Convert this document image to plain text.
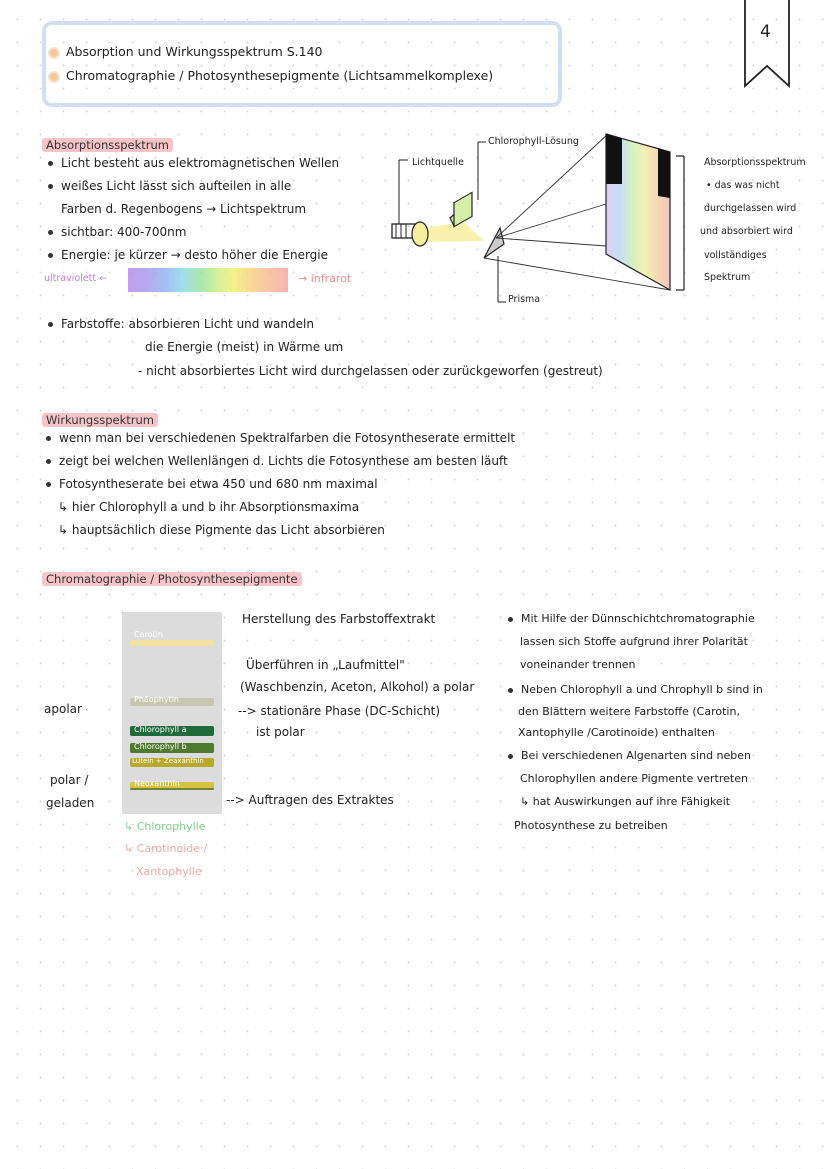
4
Absorption und Wirkungsspektrum S.140
Chromatographie / Photosynthesepigmente (Lichtsammelkomplexe)
Absorptionsspektrum
Licht besteht aus elektromagnetischen Wellen
weißes Licht lässt sich aufteilen in alle
Farben d. Regenbogens → Lichtspektrum
sichtbar: 400-700nm
Energie: je kürzer → desto höher die Energie
ultraviolett ←	→ infrarot
Farbstoffe: absorbieren Licht und wandeln
die Energie (meist) in Wärme um
- nicht absorbiertes Licht wird durchgelassen oder zurückgeworfen (gestreut)
Lichtquelle
Chlorophyll-Lösung
Prisma
Absorptionsspektrum
• das was nicht
durchgelassen wird
und absorbiert wird
vollständiges
Spektrum
Wirkungsspektrum
wenn man bei verschiedenen Spektralfarben die Fotosyntheserate ermittelt
zeigt bei welchen Wellenlängen d. Lichts die Fotosynthese am besten läuft
Fotosyntheserate bei etwa 450 und 680 nm maximal
↳ hier Chlorophyll a und b ihr Absorptionsmaxima
↳ hauptsächlich diese Pigmente das Licht absorbieren
Chromatographie / Photosynthesepigmente
Carotin
Phäophytin
Chlorophyll a
Chlorophyll b
Lutein + Zeaxanthin
Neoxanthin
apolar
polar /
geladen
↳ Chlorophylle
↳ Carotinoide /
Xantophylle
Herstellung des Farbstoffextrakt
Überführen in „Laufmittel"
(Waschbenzin, Aceton, Alkohol) a polar
--> stationäre Phase (DC-Schicht)
ist polar
--> Auftragen des Extraktes
Mit Hilfe der Dünnschichtchromatographie
lassen sich Stoffe aufgrund ihrer Polarität
voneinander trennen
Neben Chlorophyll a und Chrophyll b sind in
den Blättern weitere Farbstoffe (Carotin,
Xantophylle /Carotinoide) enthalten
Bei verschiedenen Algenarten sind neben
Chlorophyllen andere Pigmente vertreten
↳ hat Auswirkungen auf ihre Fähigkeit
Photosynthese zu betreiben
